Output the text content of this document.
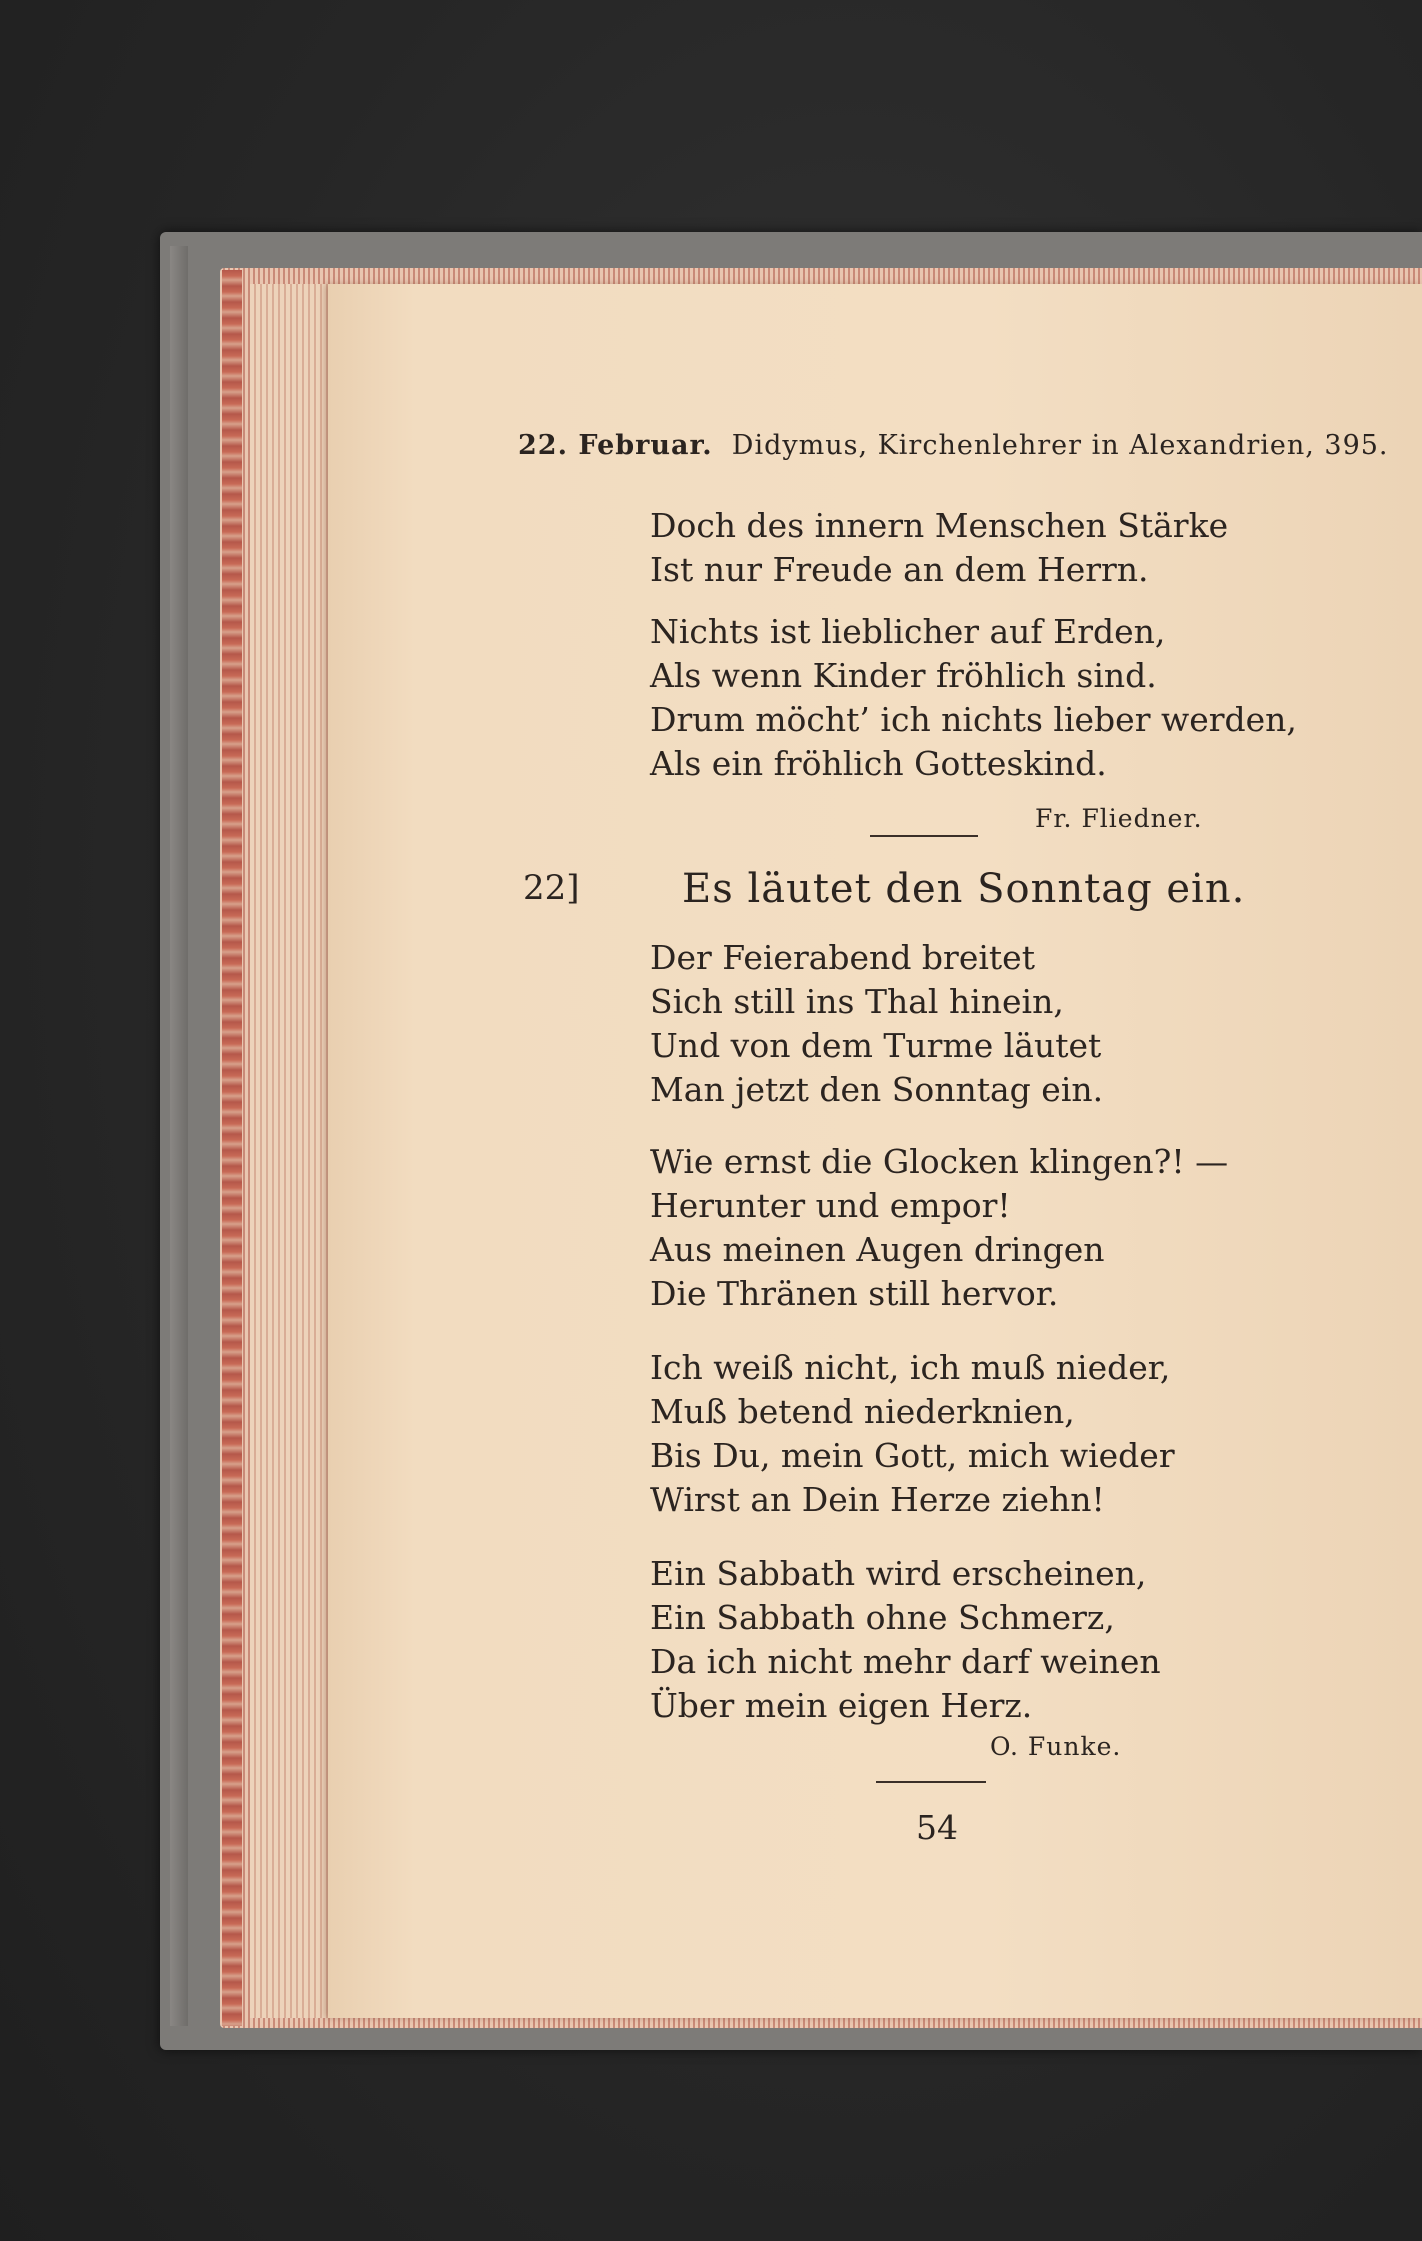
22. Februar. Didymus, Kirchenlehrer in Alexandrien, 395.
Doch des innern Menschen Stärke
Ist nur Freude an dem Herrn.
Nichts ist lieblicher auf Erden,
Als wenn Kinder fröhlich sind.
Drum möcht’ ich nichts lieber werden,
Als ein fröhlich Gotteskind.
Fr. Fliedner.
22]	Es läutet den Sonntag ein.
Der Feierabend breitet
Sich still ins Thal hinein,
Und von dem Turme läutet
Man jetzt den Sonntag ein.
Wie ernst die Glocken klingen?! —
Herunter und empor!
Aus meinen Augen dringen
Die Thränen still hervor.
Ich weiß nicht, ich muß nieder,
Muß betend niederknien,
Bis Du, mein Gott, mich wieder
Wirst an Dein Herze ziehn!
Ein Sabbath wird erscheinen,
Ein Sabbath ohne Schmerz,
Da ich nicht mehr darf weinen
Über mein eigen Herz.
O. Funke.
54
